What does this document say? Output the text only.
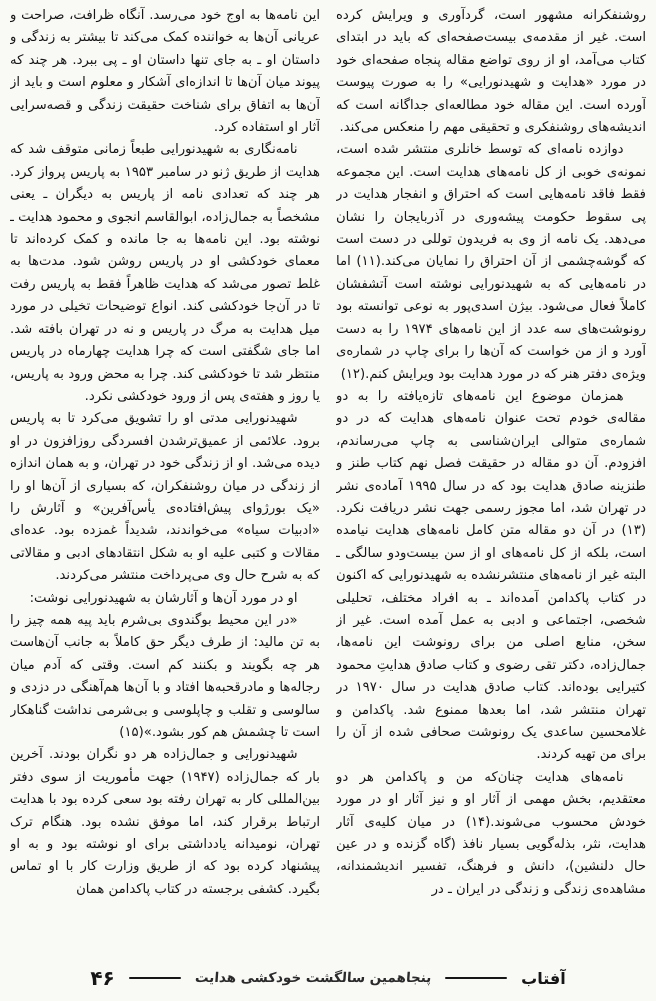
روشنفکرانه مشهور است، گردآوری و ویرایش کرده است. غیر از مقدمه‌ی بیست‌صفحه‌ای که باید در ابتدای کتاب می‌آمد، او از روی تواضع مقاله پنجاه صفحه‌ای خود در مورد «هدایت و شهیدنورایی» را به صورت پیوست آورده است. این مقاله خود مطالعه‌ای جداگانه است که اندیشه‌های روشنفکری و تحقیقی مهم را منعکس می‌کند.

دوازده نامه‌ای که توسط خانلری منتشر شده است، نمونه‌ی خوبی از کل نامه‌های هدایت است. این مجموعه فقط فاقد نامه‌هایی است که احتراق و انفجار هدایت در پی سقوط حکومت پیشه‌وری در آذربایجان را نشان می‌دهد. یک نامه از وی به فریدون توللی در دست است که گوشه‌چشمی از آن احتراق را نمایان می‌کند.(۱۱) اما در نامه‌هایی که به شهیدنورایی نوشته است آتشفشان کاملاً فعال می‌شود. بیژن اسدی‌پور به نوعی توانسته بود رونوشت‌های سه عدد از این نامه‌های ۱۹۷۴ را به دست آورد و از من خواست که آن‌ها را برای چاپ در شماره‌ی ویژه‌ی دفتر هنر که در مورد هدایت بود ویرایش کنم.(۱۲)

همزمان موضوع این نامه‌های تازه‌یافته را به دو مقاله‌ی خودم تحت عنوان نامه‌های هدایت که در دو شماره‌ی متوالی ایران‌شناسی به چاپ می‌رساندم، افزودم. آن دو مقاله در حقیقت فصل نهم کتاب طنز و طنزینه صادق هدایت بود که در سال ۱۹۹۵ آماده‌ی نشر در تهران شد، اما مجوز رسمی جهت نشر دریافت نکرد.(۱۳) در آن دو مقاله متن کامل نامه‌های هدایت نیامده است، بلکه از کل نامه‌های او از سن بیست‌ودو سالگی ـ البته غیر از نامه‌های منتشرنشده به شهیدنورایی که اکنون در کتاب پاکدامن آمده‌اند ـ به افراد مختلف، تحلیلی شخصی، اجتماعی و ادبی به عمل آمده است. غیر از سخن، منابع اصلی من برای رونوشت این نامه‌ها، جمال‌زاده، دکتر تقی رضوی و کتاب صادق هدایتِ محمود کتیرایی بوده‌اند. کتاب صادق هدایت در سال ۱۹۷۰ در تهران منتشر شد، اما بعدها ممنوع شد. پاکدامن و غلامحسین ساعدی یک رونوشت صحافی شده از آن را برای من تهیه کردند.

نامه‌های هدایت چنان‌که من و پاکدامن هر دو معتقدیم، بخش مهمی از آثار او و نیز آثار او در مورد خودش محسوب می‌شوند.(۱۴) در میان کلیه‌ی آثار هدایت، نثر، بذله‌گویی بسیار نافذ (گاه گزنده و در عین حال دلنشین)، دانش و فرهنگ، تفسیر اندیشمندانه، مشاهده‌ی زندگی و زندگی در ایران ـ در

این نامه‌ها به اوج خود می‌رسد. آنگاه ظرافت، صراحت و عریانی آن‌ها به خواننده کمک می‌کند تا بیشتر به زندگی و داستان او ـ به جای تنها داستان او ـ پی ببرد. هر چند که پیوند میان آن‌ها تا اندازه‌ای آشکار و معلوم است و باید از آن‌ها به اتفاق برای شناخت حقیقت زندگی و قصه‌سرایی آثار او استفاده کرد.

نامه‌نگاری به شهیدنورایی طبعاً زمانی متوقف شد که هدایت از طریق ژنو در سامبر ۱۹۵۳ به پاریس پرواز کرد. هر چند که تعدادی نامه از پاریس به دیگران ـ یعنی مشخصاً به جمال‌زاده، ابوالقاسم انجوی و محمود هدایت ـ نوشته بود. این نامه‌ها به جا مانده و کمک کرده‌اند تا معمای خودکشی او در پاریس روشن شود. مدت‌ها به غلط تصور می‌شد که هدایت ظاهراً فقط به پاریس رفت تا در آن‌جا خودکشی کند. انواع توضیحات تخیلی در مورد میل هدایت به مرگ در پاریس و نه در تهران بافته شد. اما جای شگفتی است که چرا هدایت چهارماه در پاریس منتظر شد تا خودکشی کند. چرا به محض ورود به پاریس، یا روز و هفته‌ی پس از ورود خودکشی نکرد.

شهیدنورایی مدتی او را تشویق می‌کرد تا به پاریس برود. علائمی از عمیق‌ترشدن افسردگی روزافزون در او دیده می‌شد. او از زندگی خود در تهران، و به همان اندازه از زندگی در میان روشنفکران، که بسیاری از آن‌ها او را «یک بورژوای پیش‌افتاده‌ی یأس‌آفرین» و آثارش را «ادبیات سیاه» می‌خواندند، شدیداً غمزده بود. عده‌ای مقالات و کتبی علیه او به شکل انتقادهای ادبی و مقالاتی که به شرح حال وی می‌پرداخت منتشر می‌کردند.

او در مورد آن‌ها و آثارشان به شهیدنورایی نوشت:

«در این محیط بوگندوی بی‌شرم باید پیه همه چیز را به تن مالید: از طرف دیگر حق کاملاً به جانب آن‌هاست هر چه بگویند و بکنند کم است. وقتی که آدم میان رجاله‌ها و مادرقحبه‌ها افتاد و با آن‌ها هم‌آهنگی در دزدی و سالوسی و تقلب و چاپلوسی و بی‌شرمی نداشت گناهکار است تا چشمش هم کور بشود.»(۱۵)

شهیدنورایی و جمال‌زاده هر دو نگران بودند. آخرین بار که جمال‌زاده (۱۹۴۷) جهت مأموریت از سوی دفتر بین‌المللی کار به تهران رفته بود سعی کرده بود با هدایت ارتباط برقرار کند، اما موفق نشده بود. هنگام ترک تهران، نومیدانه یادداشتی برای او نوشته بود و به او پیشنهاد کرده بود که از طریق وزارت کار با او تماس بگیرد. کشفی برجسته در کتاب پاکدامن همان

آفتاب
پنجاهمین سالگشت خودکشی هدایت
۴۶
